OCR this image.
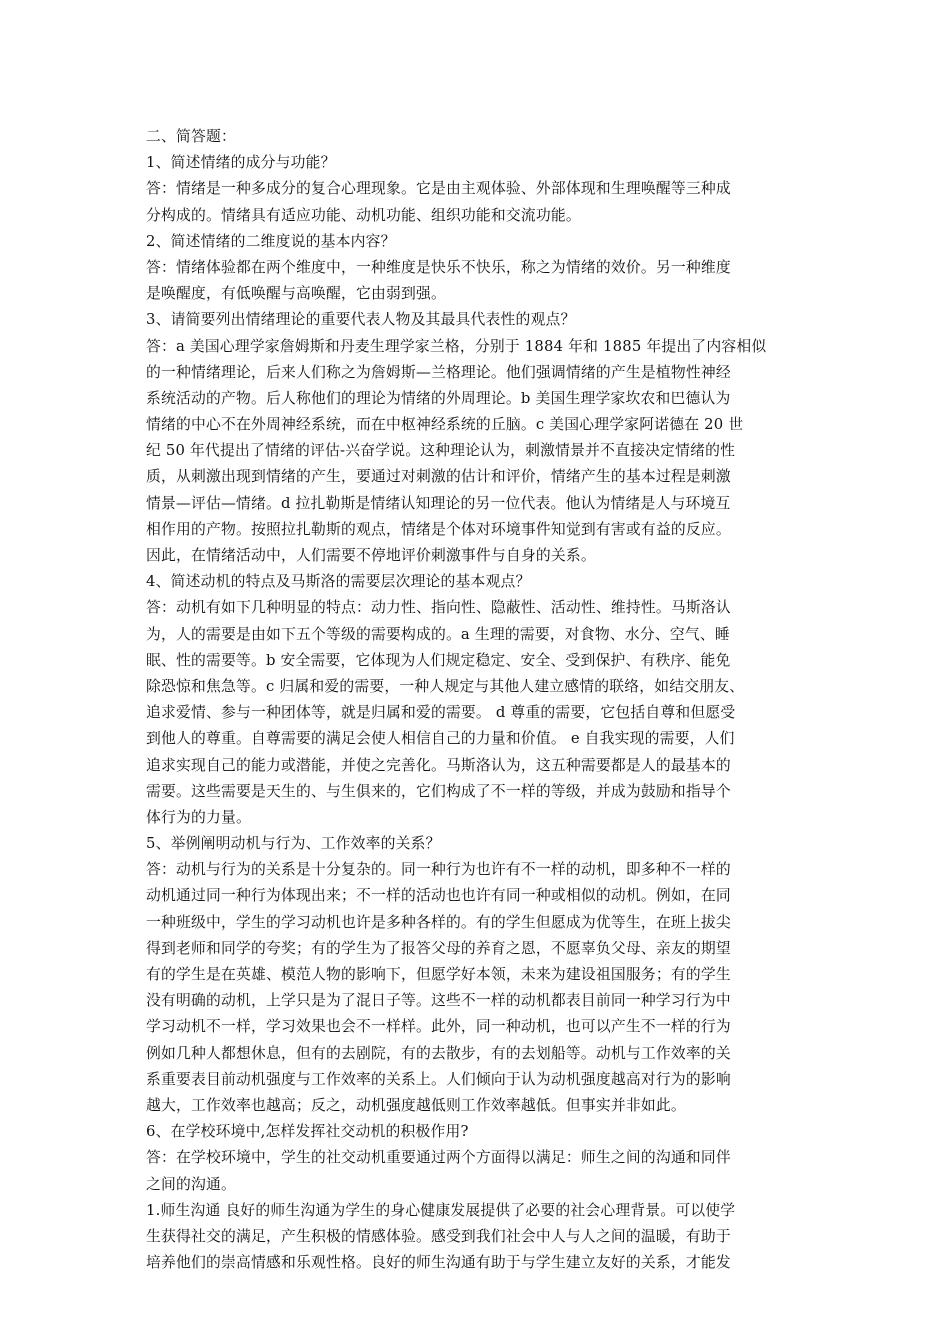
二、简答题：
1、简述情绪的成分与功能？
答：情绪是一种多成分的复合心理现象。它是由主观体验、外部体现和生理唤醒等三种成
分构成的。情绪具有适应功能、动机功能、组织功能和交流功能。
2、简述情绪的二维度说的基本内容？
答：情绪体验都在两个维度中，一种维度是快乐不快乐，称之为情绪的效价。另一种维度
是唤醒度，有低唤醒与高唤醒，它由弱到强。
3、请简要列出情绪理论的重要代表人物及其最具代表性的观点？
答：a 美国心理学家詹姆斯和丹麦生理学家兰格，分别于 1884 年和 1885 年提出了内容相似
的一种情绪理论，后来人们称之为詹姆斯—兰格理论。他们强调情绪的产生是植物性神经
系统活动的产物。后人称他们的理论为情绪的外周理论。b 美国生理学家坎农和巴德认为
情绪的中心不在外周神经系统，而在中枢神经系统的丘脑。c 美国心理学家阿诺德在 20 世
纪 50 年代提出了情绪的评估-兴奋学说。这种理论认为，刺激情景并不直接决定情绪的性
质，从刺激出现到情绪的产生，要通过对刺激的估计和评价，情绪产生的基本过程是刺激
情景—评估—情绪。d 拉扎勒斯是情绪认知理论的另一位代表。他认为情绪是人与环境互
相作用的产物。按照拉扎勒斯的观点，情绪是个体对环境事件知觉到有害或有益的反应。
因此，在情绪活动中，人们需要不停地评价刺激事件与自身的关系。
4、简述动机的特点及马斯洛的需要层次理论的基本观点？
答：动机有如下几种明显的特点：动力性、指向性、隐蔽性、活动性、维持性。马斯洛认
为，人的需要是由如下五个等级的需要构成的。a 生理的需要，对食物、水分、空气、睡
眠、性的需要等。b 安全需要，它体现为人们规定稳定、安全、受到保护、有秩序、能免
除恐惊和焦急等。c 归属和爱的需要，一种人规定与其他人建立感情的联络，如结交朋友、
追求爱情、参与一种团体等，就是归属和爱的需要。 d 尊重的需要，它包括自尊和但愿受
到他人的尊重。自尊需要的满足会使人相信自己的力量和价值。 e 自我实现的需要，人们
追求实现自己的能力或潜能，并使之完善化。马斯洛认为，这五种需要都是人的最基本的
需要。这些需要是天生的、与生俱来的，它们构成了不一样的等级，并成为鼓励和指导个
体行为的力量。
5、举例阐明动机与行为、工作效率的关系？
答：动机与行为的关系是十分复杂的。同一种行为也许有不一样的动机，即多种不一样的
动机通过同一种行为体现出来；不一样的活动也也许有同一种或相似的动机。例如，在同
一种班级中，学生的学习动机也许是多种各样的。有的学生但愿成为优等生，在班上拔尖
得到老师和同学的夸奖；有的学生为了报答父母的养育之恩，不愿辜负父母、亲友的期望
有的学生是在英雄、模范人物的影响下，但愿学好本领，未来为建设祖国服务；有的学生
没有明确的动机，上学只是为了混日子等。这些不一样的动机都表目前同一种学习行为中
学习动机不一样，学习效果也会不一样样。此外，同一种动机，也可以产生不一样的行为
例如几种人都想休息，但有的去剧院，有的去散步，有的去划船等。动机与工作效率的关
系重要表目前动机强度与工作效率的关系上。人们倾向于认为动机强度越高对行为的影响
越大，工作效率也越高；反之，动机强度越低则工作效率越低。但事实并非如此。
6、在学校环境中,怎样发挥社交动机的积极作用?
答：在学校环境中，学生的社交动机重要通过两个方面得以满足：师生之间的沟通和同伴
之间的沟通。
1.师生沟通 良好的师生沟通为学生的身心健康发展提供了必要的社会心理背景。可以使学
生获得社交的满足，产生积极的情感体验。感受到我们社会中人与人之间的温暖，有助于
培养他们的崇高情感和乐观性格。良好的师生沟通有助于与学生建立友好的关系，才能发
